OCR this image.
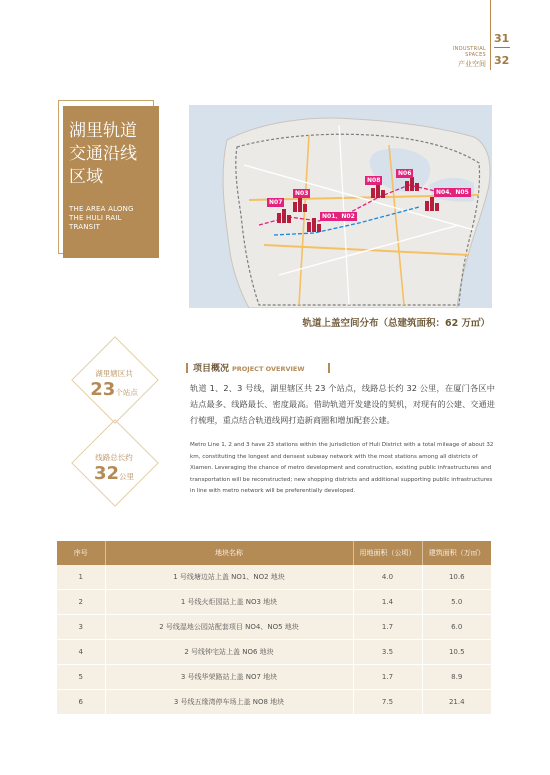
INDUSTRIAL SPACES
产业空间
31
32
湖里轨道
交通沿线
区域
THE AREA ALONG
THE HULI RAIL
TRANSIT
N07
N03
N01、N02
N08
N06
N04、N05
轨道上盖空间分布（总建筑面积：62 万㎡）
湖里辖区共
23个站点
线路总长约
32公里
项目概况 PROJECT OVERVIEW
轨道 1、2、3 号线，湖里辖区共 23 个站点，线路总长约 32 公里，在厦门各区中站点最多、线路最长、密度最高。借助轨道开发建设的契机，对现有的公建、交通进行梳理，重点结合轨道线网打造新商圈和增加配套公建。
Metro Line 1, 2 and 3 have 23 stations within the jurisdiction of Huli District with a total mileage of about 32 km, constituting the longest and densest subway network with the most stations among all districts of Xiamen. Leveraging the chance of metro development and construction, existing public infrastructures and transportation will be reconstructed; new shopping districts and additional supporting public infrastructures in line with metro network will be preferentially developed.
序号	地块名称	用地面积（公顷）	建筑面积（万㎡）
1	1 号线塘边站上盖 NO1、NO2 地块	4.0	10.6
2	1 号线火炬园站上盖 NO3 地块	1.4	5.0
3	2 号线湿地公园站配套项目 NO4、NO5 地块	1.7	6.0
4	2 号线钟宅站上盖 NO6 地块	3.5	10.5
5	3 号线华荣路站上盖 NO7 地块	1.7	8.9
6	3 号线五缘湾停车场上盖 NO8 地块	7.5	21.4
